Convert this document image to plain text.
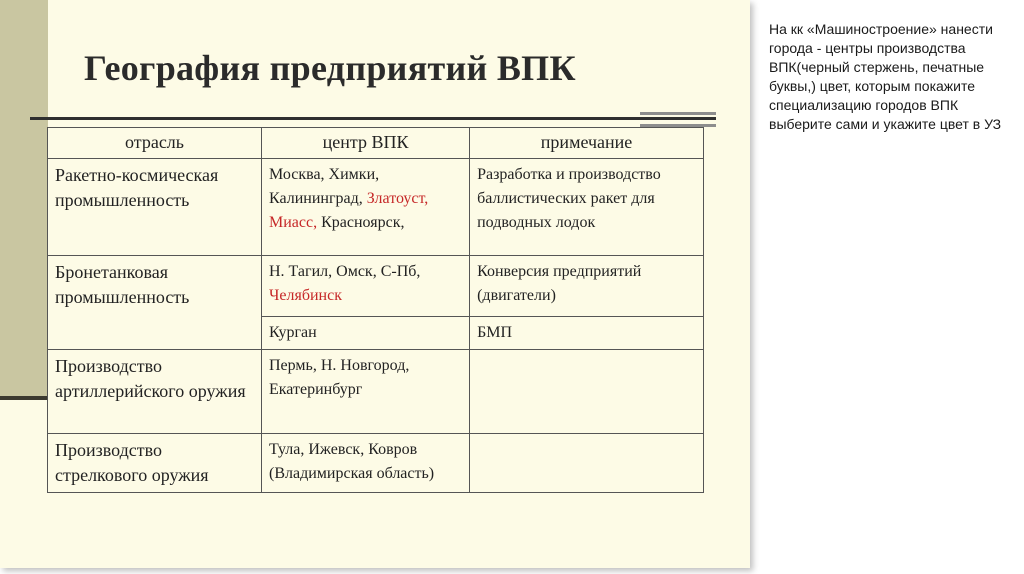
География предприятий ВПК
отрасль	центр ВПК	примечание
Ракетно-космическая промышленность	Москва, Химки, Калининград, Златоуст, Миасс, Красноярск,	Разработка и производство баллистических ракет для подводных лодок
Бронетанковая промышленность	Н. Тагил, Омск, С-Пб, Челябинск	Конверсия предприятий (двигатели)
	Курган	БМП
Производство артиллерийского оружия	Пермь, Н. Новгород, Екатеринбург	
Производство стрелкового оружия	Тула, Ижевск, Ковров (Владимирская область)	
На кк «Машиностроение» нанести города - центры производства ВПК(черный стержень, печатные буквы,) цвет, которым покажите специализацию городов ВПК выберите сами и укажите цвет в УЗ
